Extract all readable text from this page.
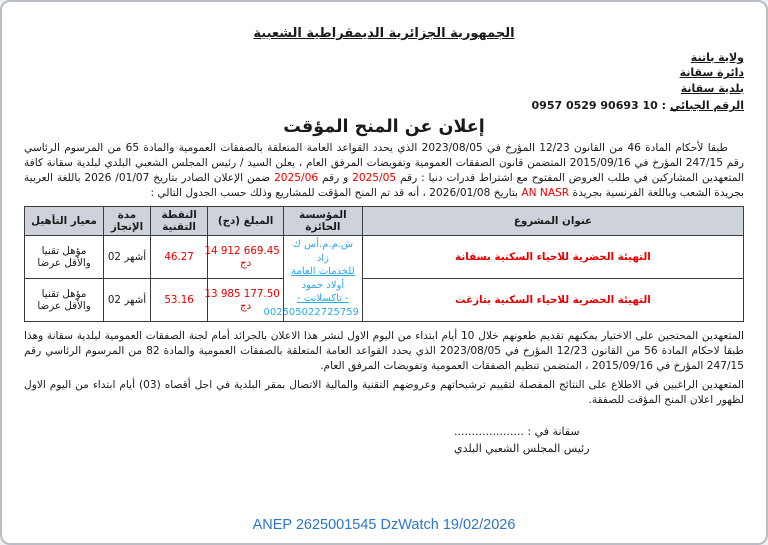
الجمهورية الجزائرية الديمقراطية الشعبية
ولاية باتنة
دائرة سقانة
بلدية سقانة
الرقم الجبائي : 0957 0529 90693 10
إعلان عن المنح المؤقت
طبقا لأحكام المادة 46 من القانون 12/23 المؤرخ في 2023/08/05 الذي يحدد القواعد العامة المتعلقة بالصفقات العمومية والمادة 65 من المرسوم الرئاسي رقم 247/15 المؤرخ في 2015/09/16 المتضمن قانون الصفقات العمومية وتفويضات المرفق العام ، يعلن السيد / رئيس المجلس الشعبي البلدي لبلدية سقانة كافة المتعهدين المشاركين في طلب العروض المفتوح مع اشتراط قدرات دنيا : رقم 2025/05 و رقم 2025/06 ضمن الإعلان الصادر بتاريخ 01/07/ 2026 باللغة العربية بجريدة الشعب وباللغة الفرنسية بجريدة AN NASR بتاريخ 2026/01/08 ، أنه قد تم المنح المؤقت للمشاريع وذلك حسب الجدول التالي :
عنوان المشروع	المؤسسة الحائزة	المبلغ (دج)	النقطة التقنية	مدة الإنجاز	معيار التأهيل
التهيئة الحضرية للاحياء السكنية بسقانة	ش.م.م.أس ك زاد
للخدمات العامة
أولاد حمود
- تاكسلانت -
002505022725759	14 912 669.45 دج	46.27	02 أشهر	مؤهل تقنيا والأقل عرضا
التهيئة الحضرية للاحياء السكنية بتازغت		13 985 177.50 دج	53.16	02 أشهر	مؤهل تقنيا والأقل عرضا
المتعهدين المحتجين على الاختيار يمكنهم تقديم طعونهم خلال 10 أيام ابتداء من اليوم الاول لنشر هذا الاعلان بالجرائد أمام لجنة الصفقات العمومية لبلدية سقانة وهذا طبقا لاحكام المادة 56 من القانون 12/23 المؤرخ في 2023/08/05 الذي يحدد القواعد العامة المتعلقة بالصفقات العمومية والمادة 82 من المرسوم الرئاسي رقم 247/15 المؤرخ في 2015/09/16 ، المتضمن تنظيم الصفقات العمومية وتفويضات المرفق العام.
المتعهدين الراغبين في الاطلاع على النتائج المفصلة لتقييم ترشيحاتهم وعروضهم التقنية والمالية الاتصال بمقر البلدية في اجل أقصاه (03) أيام ابتداء من اليوم الاول لظهور اعلان المنح المؤقت للصفقة.
سقانة في : ....................
رئيس المجلس الشعبي البلدي
ANEP 2625001545 DzWatch 19/02/2026
